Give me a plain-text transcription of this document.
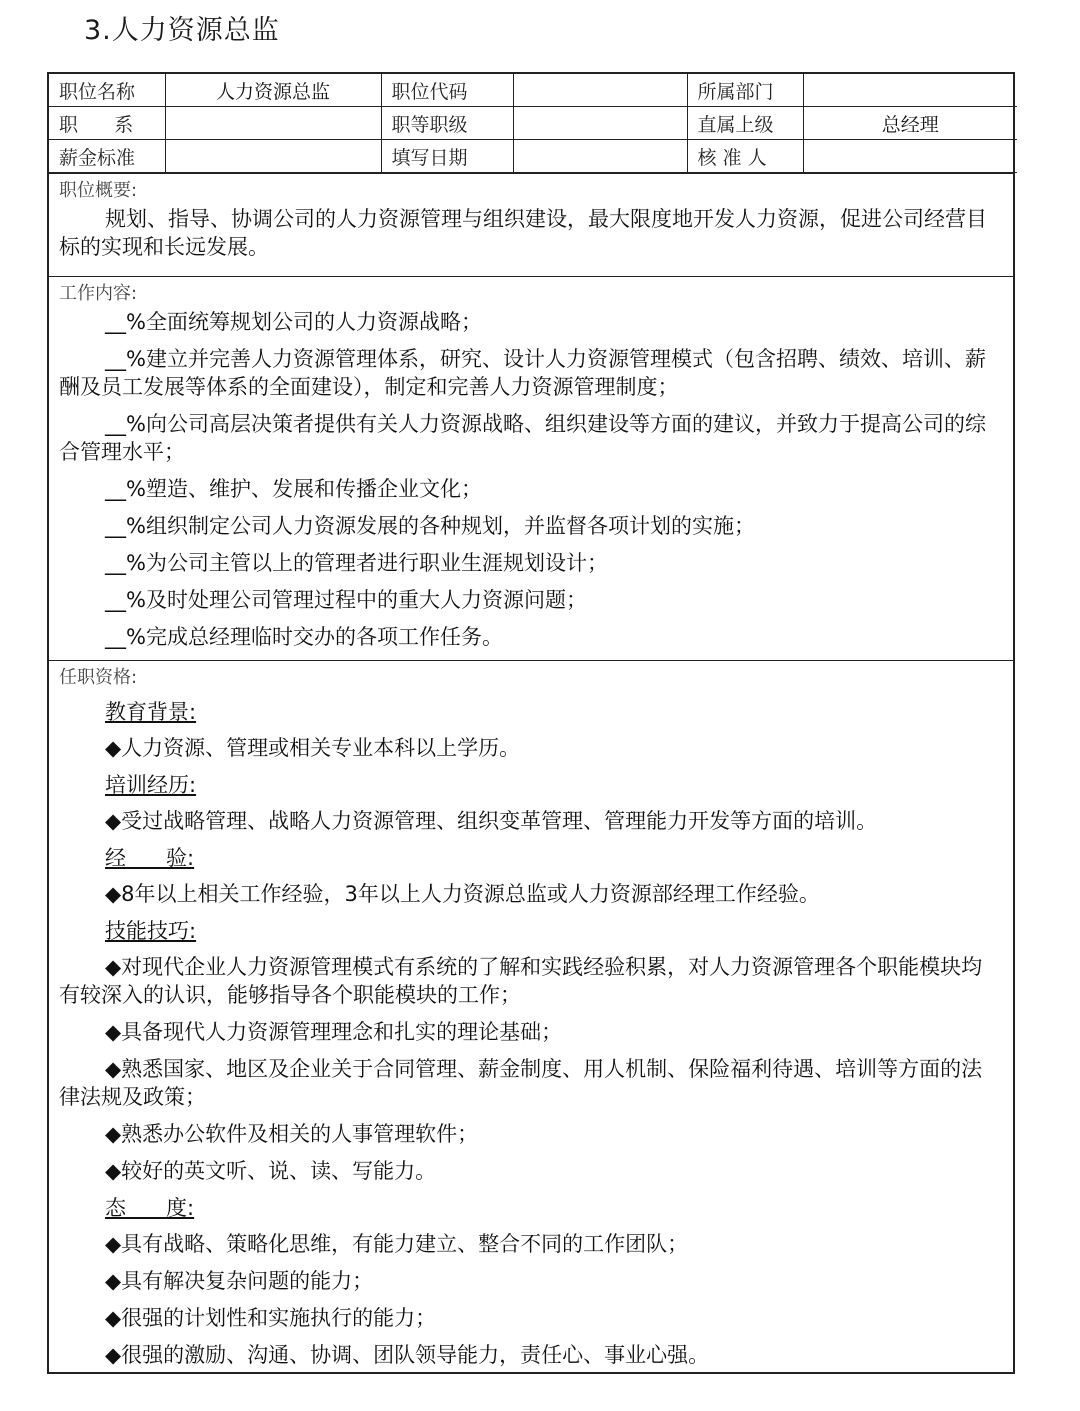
3.人力资源总监
职位名称	人力资源总监	职位代码		所属部门	
职      系		职等职级		直属上级	总经理
薪金标准		填写日期		核 准 人	
职位概要:
规划、指导、协调公司的人力资源管理与组织建设，最大限度地开发人力资源，促进公司经营目标的实现和长远发展。
工作内容:
__%全面统筹规划公司的人力资源战略；
__%建立并完善人力资源管理体系，研究、设计人力资源管理模式（包含招聘、绩效、培训、薪酬及员工发展等体系的全面建设），制定和完善人力资源管理制度；
__%向公司高层决策者提供有关人力资源战略、组织建设等方面的建议，并致力于提高公司的综合管理水平；
__%塑造、维护、发展和传播企业文化；
__%组织制定公司人力资源发展的各种规划，并监督各项计划的实施；
__%为公司主管以上的管理者进行职业生涯规划设计；
__%及时处理公司管理过程中的重大人力资源问题；
__%完成总经理临时交办的各项工作任务。
任职资格:
教育背景:
◆人力资源、管理或相关专业本科以上学历。
培训经历:
◆受过战略管理、战略人力资源管理、组织变革管理、管理能力开发等方面的培训。
经      验:
◆8年以上相关工作经验，3年以上人力资源总监或人力资源部经理工作经验。
技能技巧:
◆对现代企业人力资源管理模式有系统的了解和实践经验积累，对人力资源管理各个职能模块均有较深入的认识，能够指导各个职能模块的工作；
◆具备现代人力资源管理理念和扎实的理论基础；
◆熟悉国家、地区及企业关于合同管理、薪金制度、用人机制、保险福利待遇、培训等方面的法律法规及政策；
◆熟悉办公软件及相关的人事管理软件；
◆较好的英文听、说、读、写能力。
态      度:
◆具有战略、策略化思维，有能力建立、整合不同的工作团队；
◆具有解决复杂问题的能力；
◆很强的计划性和实施执行的能力；
◆很强的激励、沟通、协调、团队领导能力，责任心、事业心强。
